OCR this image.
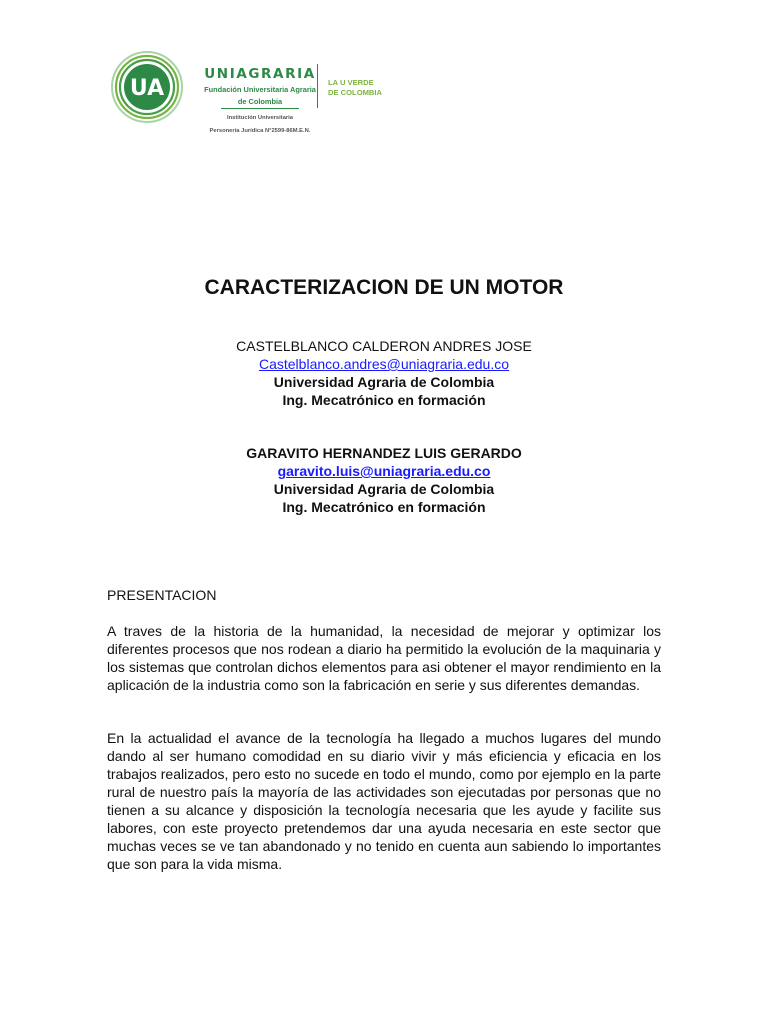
UA
UNIAGRARIA
Fundación Universitaria Agraria
de Colombia
Institución Universitaria
Personería Jurídica N°2599-86M.E.N.
LA U VERDE
DE COLOMBIA
CARACTERIZACION DE UN MOTOR
CASTELBLANCO CALDERON ANDRES JOSE
Castelblanco.andres@uniagraria.edu.co
Universidad Agraria de Colombia
Ing. Mecatrónico en formación
GARAVITO HERNANDEZ LUIS GERARDO
garavito.luis@uniagraria.edu.co
Universidad Agraria de Colombia
Ing. Mecatrónico en formación
PRESENTACION

A traves de la historia de la humanidad, la necesidad de mejorar y optimizar los diferentes procesos que nos rodean a diario ha permitido la evolución de la maquinaria y los sistemas que controlan dichos elementos para asi obtener el mayor rendimiento en la aplicación de la industria como son la fabricación en serie y sus diferentes demandas.

En la actualidad el avance de la tecnología ha llegado a muchos lugares del mundo dando al ser humano comodidad en su diario vivir y más eficiencia y eficacia en los trabajos realizados, pero esto no sucede en todo el mundo, como por ejemplo en la parte rural de nuestro país la mayoría de las actividades son ejecutadas por personas que no tienen a su alcance y disposición la tecnología necesaria que les ayude y facilite sus labores, con este proyecto pretendemos dar una ayuda necesaria en este sector que muchas veces se ve tan abandonado y no tenido en cuenta aun sabiendo lo importantes que son para la vida misma.
